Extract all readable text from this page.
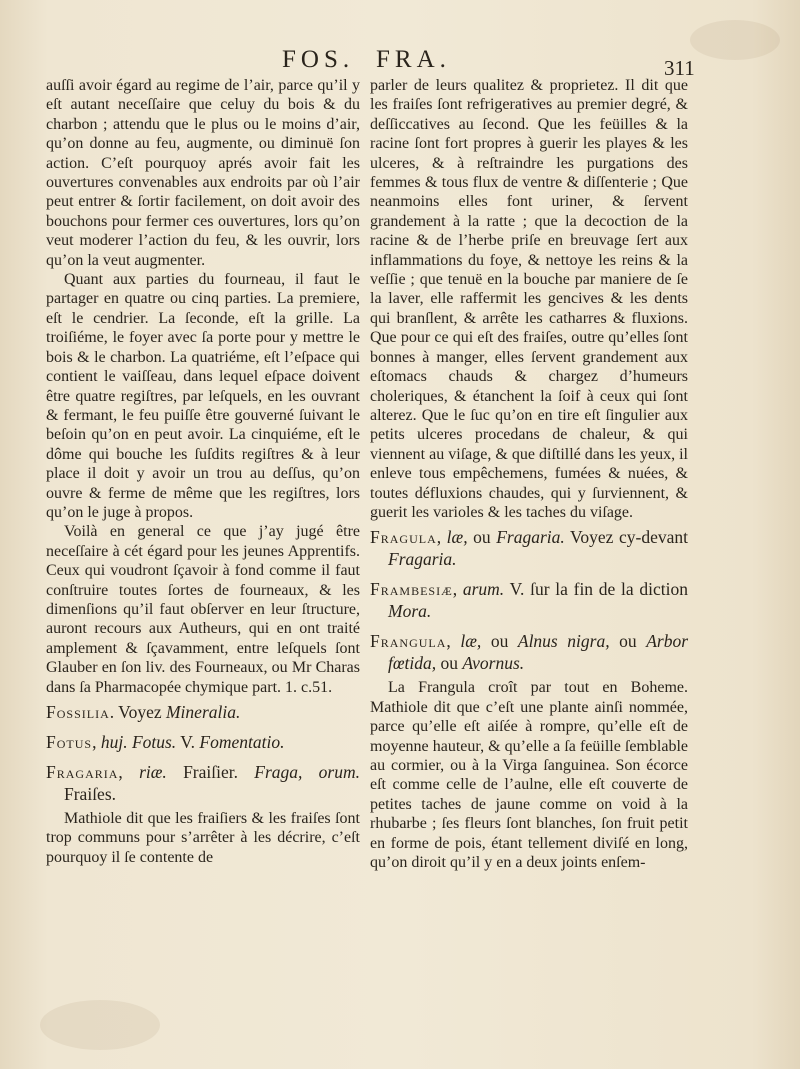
FOS. FRA.	311

auſſi avoir égard au regime de l’air, parce qu’il y eſt autant neceſſaire que celuy du bois & du charbon ; attendu que le plus ou le moins d’air, qu’on donne au feu, augmente, ou diminuë ſon action. C’eſt pourquoy aprés avoir fait les ouvertures convenables aux endroits par où l’air peut entrer & ſortir facilement, on doit avoir des bouchons pour fermer ces ouvertures, lors qu’on veut moderer l’action du feu, & les ouvrir, lors qu’on la veut augmenter.

Quant aux parties du fourneau, il faut le partager en quatre ou cinq parties. La premiere, eſt le cendrier. La ſeconde, eſt la grille. La troiſiéme, le foyer avec ſa porte pour y mettre le bois & le charbon. La quatriéme, eſt l’eſpace qui contient le vaiſſeau, dans lequel eſpace doivent être quatre regiſtres, par leſquels, en les ouvrant & fermant, le feu puiſſe être gouverné ſuivant le beſoin qu’on en peut avoir. La cinquiéme, eſt le dôme qui bouche les ſuſdits regiſtres & à leur place il doit y avoir un trou au deſſus, qu’on ouvre & ferme de même que les regiſtres, lors qu’on le juge à propos.

Voilà en general ce que j’ay jugé être neceſſaire à cét égard pour les jeunes Apprentifs. Ceux qui voudront ſçavoir à fond comme il faut conſtruire toutes ſortes de fourneaux, & les dimenſions qu’il faut obſerver en leur ſtructure, auront recours aux Autheurs, qui en ont traité amplement & ſçavamment, entre leſquels ſont Glauber en ſon liv. des Fourneaux, ou Mr Charas dans ſa Pharmacopée chymique part. 1. c.51.

Fossilia. Voyez Mineralia.

Fotus, huj. Fotus. V. Fomentatio.

Fragaria, riæ. Fraiſier. Fraga, orum. Fraiſes.

Mathiole dit que les fraiſiers & les fraiſes ſont trop communs pour s’arrêter à les décrire, c’eſt pourquoy il ſe contente de

parler de leurs qualitez & proprietez. Il dit que les fraiſes ſont refrigeratives au premier degré, & deſſiccatives au ſecond. Que les feüilles & la racine ſont fort propres à guerir les playes & les ulceres, & à reſtraindre les purgations des femmes & tous flux de ventre & diſſenterie ; Que neanmoins elles font uriner, & ſervent grandement à la ratte ; que la decoction de la racine & de l’herbe priſe en breuvage ſert aux inflammations du foye, & nettoye les reins & la veſſie ; que tenuë en la bouche par maniere de ſe la laver, elle raffermit les gencives & les dents qui branſlent, & arrête les catharres & fluxions. Que pour ce qui eſt des fraiſes, outre qu’elles ſont bonnes à manger, elles ſervent grandement aux eſtomacs chauds & chargez d’humeurs choleriques, & étanchent la ſoif à ceux qui ſont alterez. Que le ſuc qu’on en tire eſt ſingulier aux petits ulceres procedans de chaleur, & qui viennent au viſage, & que diſtillé dans les yeux, il enleve tous empêchemens, fumées & nuées, & toutes défluxions chaudes, qui y ſurviennent, & guerit les varioles & les taches du viſage.

Fragula, læ, ou Fragaria. Voyez cy-devant Fragaria.

Frambesiæ, arum. V. ſur la fin de la diction Mora.

Frangula, læ, ou Alnus nigra, ou Arbor fœtida, ou Avornus.

La Frangula croît par tout en Boheme. Mathiole dit que c’eſt une plante ainſi nommée, parce qu’elle eſt aiſée à rompre, qu’elle eſt de moyenne hauteur, & qu’elle a ſa feüille ſemblable au cormier, ou à la Virga ſanguinea. Son écorce eſt comme celle de l’aulne, elle eſt couverte de petites taches de jaune comme on void à la rhubarbe ; ſes fleurs ſont blanches, ſon fruit petit en forme de pois, étant tellement diviſé en long, qu’on diroit qu’il y en a deux joints enſem-
